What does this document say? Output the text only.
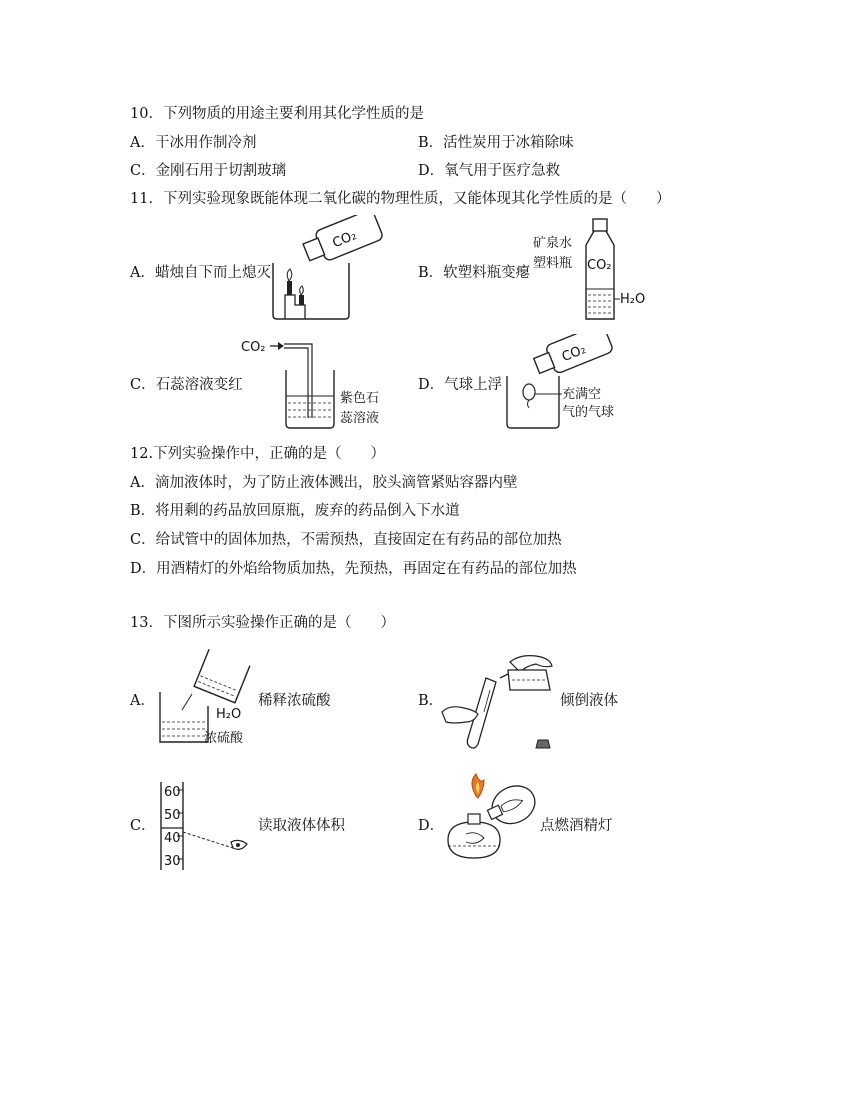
10．下列物质的用途主要利用其化学性质的是
A．干冰用作制冷剂	B．活性炭用于冰箱除味
C．金刚石用于切割玻璃	D．氧气用于医疗急救
11．下列实验现象既能体现二氧化碳的物理性质，又能体现其化学性质的是（　　）
A．蜡烛自下而上熄灭
CO₂
B．软塑料瓶变瘪
矿泉水
塑料瓶 CO₂
H₂O
C．石蕊溶液变红
CO₂
紫色石
蕊溶液
D．气球上浮
CO₂
充满空
气的气球
12.下列实验操作中，正确的是（　　）
A．滴加液体时，为了防止液体溅出，胶头滴管紧贴容器内壁
B．将用剩的药品放回原瓶，废弃的药品倒入下水道
C．给试管中的固体加热，不需预热，直接固定在有药品的部位加热
D．用酒精灯的外焰给物质加热，先预热，再固定在有药品的部位加热
13．下图所示实验操作正确的是（　　）
A．
H₂O
浓硫酸
稀释浓硫酸	B．	倾倒液体
C．
60
50
40
30
读取液体体积	D．	点燃酒精灯
